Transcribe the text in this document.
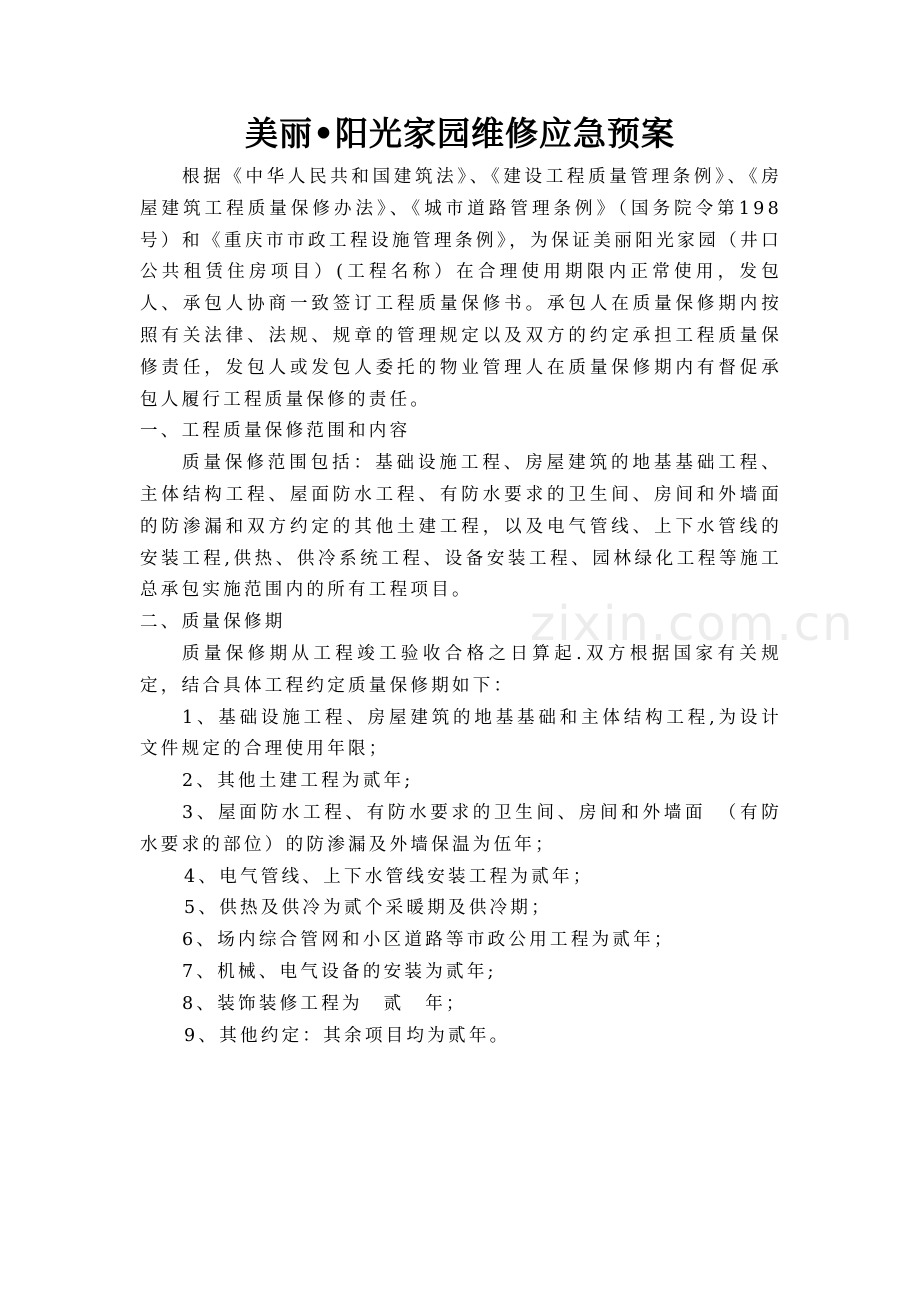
美丽•阳光家园维修应急预案

根据《中华人民共和国建筑法》、《建设工程质量管理条例》、《房屋建筑工程质量保修办法》、《城市道路管理条例》（国务院令第198号）和《重庆市市政工程设施管理条例》，为保证美丽阳光家园（井口公共租赁住房项目）(工程名称）在合理使用期限内正常使用，发包人、承包人协商一致签订工程质量保修书。承包人在质量保修期内按照有关法律、法规、规章的管理规定以及双方的约定承担工程质量保修责任，发包人或发包人委托的物业管理人在质量保修期内有督促承包人履行工程质量保修的责任。

一、工程质量保修范围和内容

质量保修范围包括：基础设施工程、房屋建筑的地基基础工程、主体结构工程、屋面防水工程、有防水要求的卫生间、房间和外墙面的防渗漏和双方约定的其他土建工程，以及电气管线、上下水管线的安装工程,供热、供冷系统工程、设备安装工程、园林绿化工程等施工总承包实施范围内的所有工程项目。

二、质量保修期

质量保修期从工程竣工验收合格之日算起.双方根据国家有关规定，结合具体工程约定质量保修期如下：

1、基础设施工程、房屋建筑的地基基础和主体结构工程,为设计文件规定的合理使用年限；

2、其他土建工程为贰年;

3、屋面防水工程、有防水要求的卫生间、房间和外墙面　（有防水要求的部位）的防渗漏及外墙保温为伍年；

4、电气管线、上下水管线安装工程为贰年；

5、供热及供冷为贰个采暖期及供冷期；

6、场内综合管网和小区道路等市政公用工程为贰年；

7、机械、电气设备的安装为贰年;

8、装饰装修工程为　贰　年；

9、其他约定：其余项目均为贰年。

zixin.com.cn
